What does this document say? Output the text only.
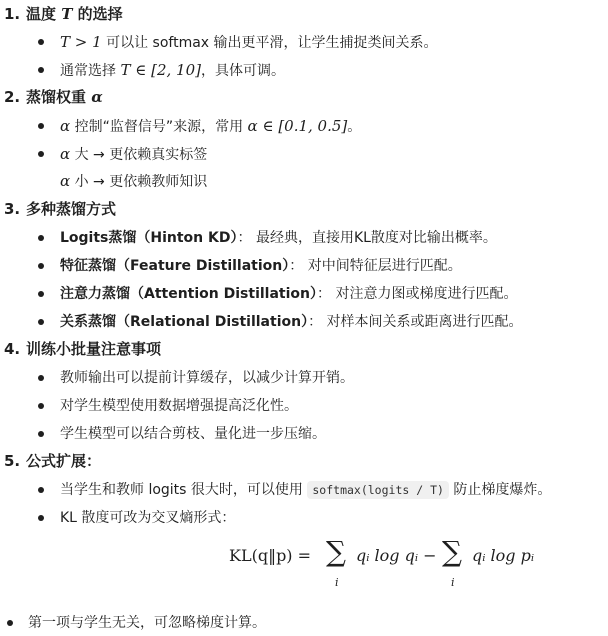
1. 温度 T 的选择
T > 1 可以让 softmax 输出更平滑，让学生捕捉类间关系。
通常选择 T ∈ [2, 10]，具体可调。
2. 蒸馏权重 α
α 控制“监督信号”来源，常用 α ∈ [0.1, 0.5]。
α 大 → 更依赖真实标签
α 小 → 更依赖教师知识
3. 多种蒸馏方式
Logits蒸馏（Hinton KD）： 最经典，直接用KL散度对比输出概率。
特征蒸馏（Feature Distillation）： 对中间特征层进行匹配。
注意力蒸馏（Attention Distillation）： 对注意力图或梯度进行匹配。
关系蒸馏（Relational Distillation）： 对样本间关系或距离进行匹配。
4. 训练小批量注意事项
教师输出可以提前计算缓存，以减少计算开销。
对学生模型使用数据增强提高泛化性。
学生模型可以结合剪枝、量化进一步压缩。
5. 公式扩展：
当学生和教师 logits 很大时，可以使用 softmax(logits / T) 防止梯度爆炸。
KL 散度可改为交叉熵形式：
KL(q‖p) = ∑
i
qᵢ log qᵢ − ∑
i
qᵢ log pᵢ
第一项与学生无关，可忽略梯度计算。
